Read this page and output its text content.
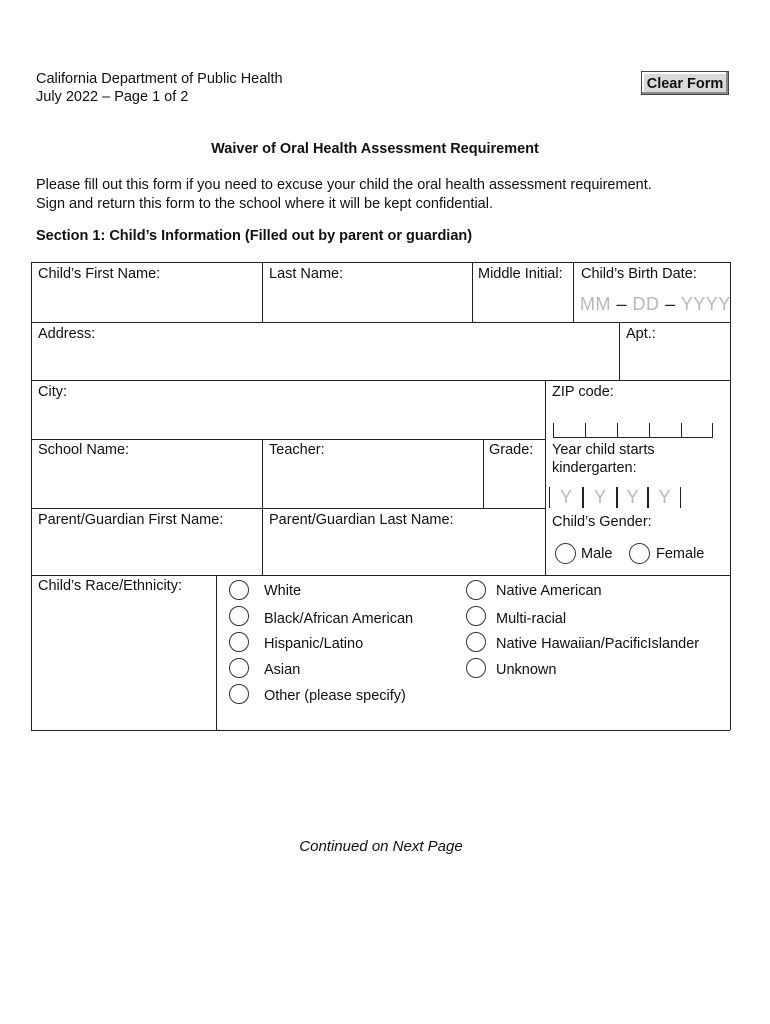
California Department of Public Health
July 2022 – Page 1 of 2
Clear Form
Waiver of Oral Health Assessment Requirement
Please fill out this form if you need to excuse your child the oral health assessment requirement.
Sign and return this form to the school where it will be kept confidential.
Section 1: Child’s Information (Filled out by parent or guardian)
Child’s First Name:	Last Name:	Middle Initial: Child’s Birth Date:
MM – DD – YYYY
Address:	Apt.:
City:	ZIP code:
School Name:	Teacher:	Grade: Year child starts
kindergarten:
Y	Y	Y	Y
Parent/Guardian First Name:	Parent/Guardian Last Name:	Child’s Gender:
Male	Female
Child’s Race/Ethnicity:	White
Black/African American
Hispanic/Latino
Asian
Other (please specify)
Native American
Multi-racial
Native Hawaiian/PacificIslander
Unknown
Continued on Next Page
